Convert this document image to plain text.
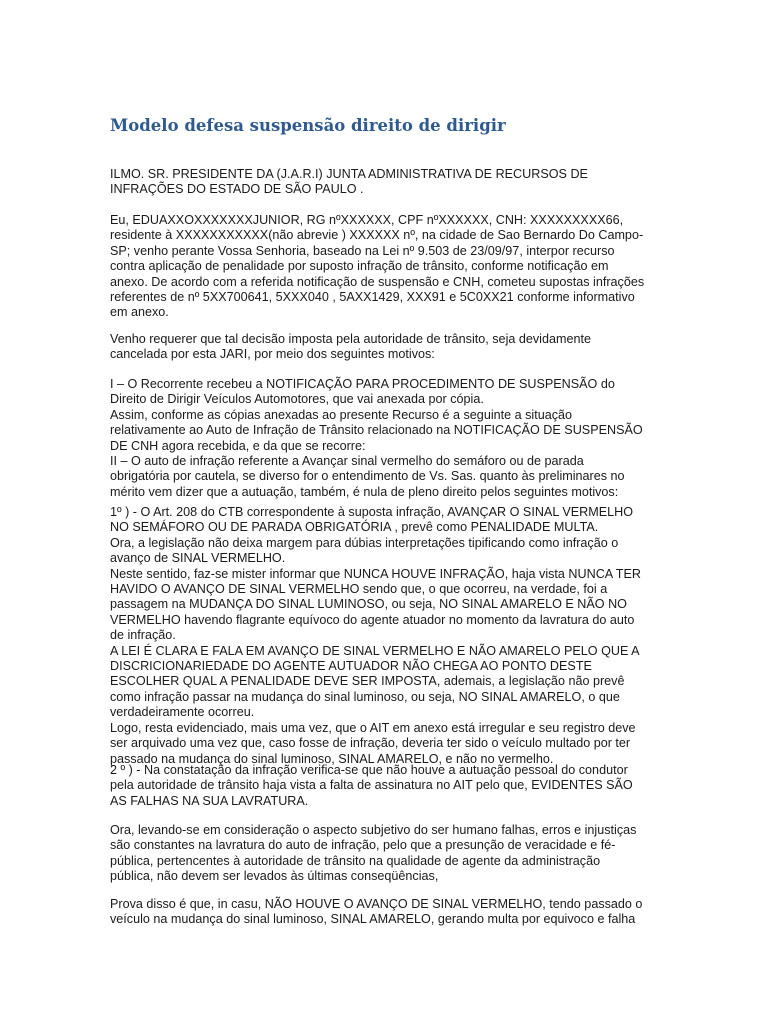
Modelo defesa suspensão direito de dirigir
ILMO. SR. PRESIDENTE DA (J.A.R.I) JUNTA ADMINISTRATIVA DE RECURSOS DE
INFRAÇÕES DO ESTADO DE SÃO PAULO .
Eu, EDUAXXOXXXXXXXJUNIOR, RG nºXXXXXX, CPF nºXXXXXX, CNH: XXXXXXXXX66,
residente à XXXXXXXXXXX(não abrevie ) XXXXXX nº, na cidade de Sao Bernardo Do Campo-
SP; venho perante Vossa Senhoria, baseado na Lei nº 9.503 de 23/09/97, interpor recurso
contra aplicação de penalidade por suposto infração de trânsito, conforme notificação em
anexo. De acordo com a referida notificação de suspensão e CNH, cometeu supostas infrações
referentes de nº 5XX700641, 5XXX040 , 5AXX1429, XXX91 e 5C0XX21 conforme informativo
em anexo.
Venho requerer que tal decisão imposta pela autoridade de trânsito, seja devidamente
cancelada por esta JARI, por meio dos seguintes motivos:
I – O Recorrente recebeu a NOTIFICAÇÃO PARA PROCEDIMENTO DE SUSPENSÃO do
Direito de Dirigir Veículos Automotores, que vai anexada por cópia.
Assim, conforme as cópias anexadas ao presente Recurso é a seguinte a situação
relativamente ao Auto de Infração de Trânsito relacionado na NOTIFICAÇÃO DE SUSPENSÃO
DE CNH agora recebida, e da que se recorre:
II – O auto de infração referente a Avançar sinal vermelho do semáforo ou de parada
obrigatória por cautela, se diverso for o entendimento de Vs. Sas. quanto às preliminares no
mérito vem dizer que a autuação, também, é nula de pleno direito pelos seguintes motivos:
1º ) - O Art. 208 do CTB correspondente à suposta infração, AVANÇAR O SINAL VERMELHO
NO SEMÁFORO OU DE PARADA OBRIGATÓRIA , prevê como PENALIDADE MULTA.
Ora, a legislação não deixa margem para dúbias interpretações tipificando como infração o
avanço de SINAL VERMELHO.
Neste sentido, faz-se mister informar que NUNCA HOUVE INFRAÇÃO, haja vista NUNCA TER
HAVIDO O AVANÇO DE SINAL VERMELHO sendo que, o que ocorreu, na verdade, foi a
passagem na MUDANÇA DO SINAL LUMINOSO, ou seja, NO SINAL AMARELO E NÃO NO
VERMELHO havendo flagrante equívoco do agente atuador no momento da lavratura do auto
de infração.
A LEI É CLARA E FALA EM AVANÇO DE SINAL VERMELHO E NÃO AMARELO PELO QUE A
DISCRICIONARIEDADE DO AGENTE AUTUADOR NÃO CHEGA AO PONTO DESTE
ESCOLHER QUAL A PENALIDADE DEVE SER IMPOSTA, ademais, a legislação não prevê
como infração passar na mudança do sinal luminoso, ou seja, NO SINAL AMARELO, o que
verdadeiramente ocorreu.
Logo, resta evidenciado, mais uma vez, que o AIT em anexo está irregular e seu registro deve
ser arquivado uma vez que, caso fosse de infração, deveria ter sido o veículo multado por ter
passado na mudança do sinal luminoso, SINAL AMARELO, e não no vermelho.
2 º ) - Na constatação da infração verifica-se que não houve a autuação pessoal do condutor
pela autoridade de trânsito haja vista a falta de assinatura no AIT pelo que, EVIDENTES SÃO
AS FALHAS NA SUA LAVRATURA.
Ora, levando-se em consideração o aspecto subjetivo do ser humano falhas, erros e injustiças
são constantes na lavratura do auto de infração, pelo que a presunção de veracidade e fé-
pública, pertencentes à autoridade de trânsito na qualidade de agente da administração
pública, não devem ser levados às últimas conseqüências,
Prova disso é que, in casu, NÃO HOUVE O AVANÇO DE SINAL VERMELHO, tendo passado o
veículo na mudança do sinal luminoso, SINAL AMARELO, gerando multa por equivoco e falha
